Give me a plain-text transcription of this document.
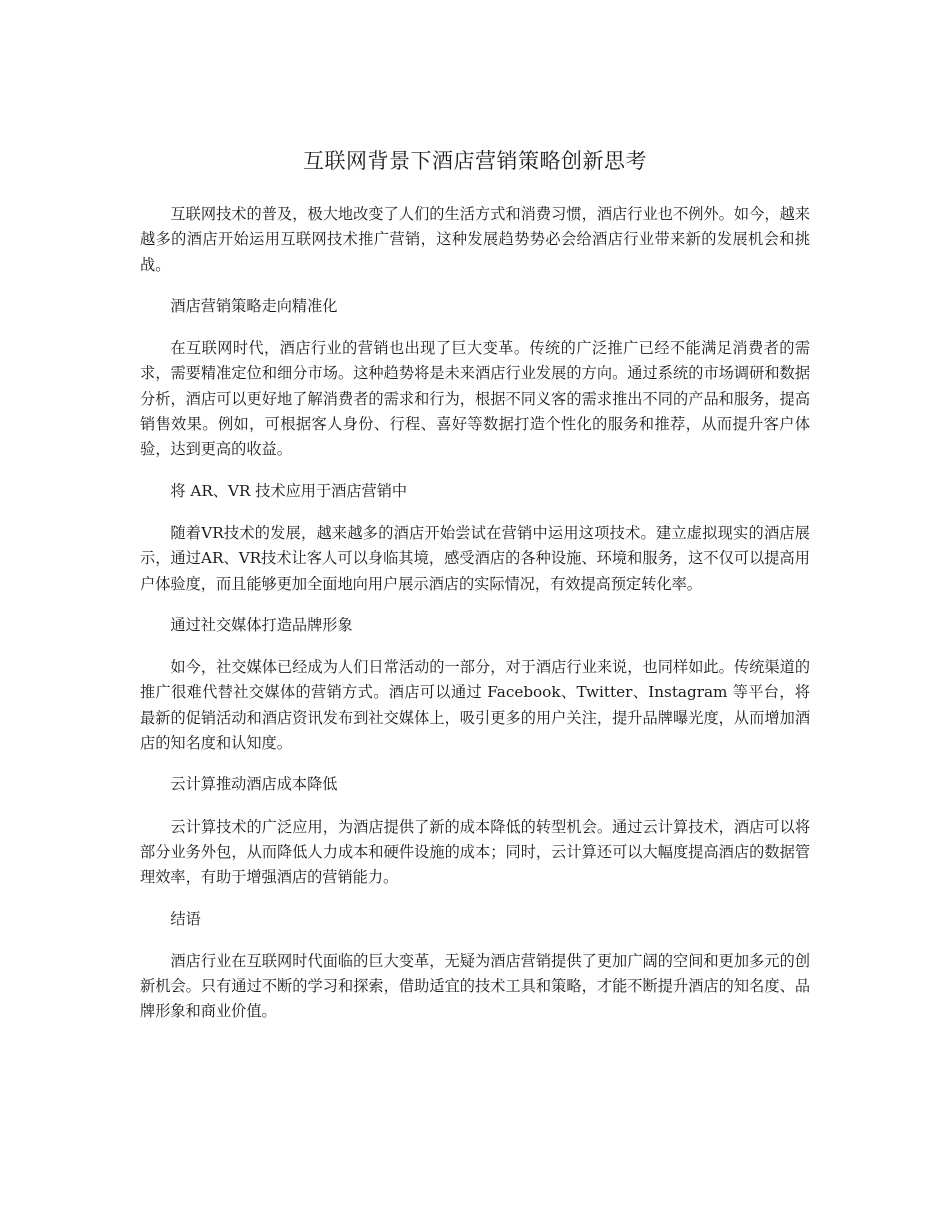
互联网背景下酒店营销策略创新思考

互联网技术的普及，极大地改变了人们的生活方式和消费习惯，酒店行业也不例外。如今，越来越多的酒店开始运用互联网技术推广营销，这种发展趋势势必会给酒店行业带来新的发展机会和挑战。

酒店营销策略走向精准化

在互联网时代，酒店行业的营销也出现了巨大变革。传统的广泛推广已经不能满足消费者的需求，需要精准定位和细分市场。这种趋势将是未来酒店行业发展的方向。通过系统的市场调研和数据分析，酒店可以更好地了解消费者的需求和行为，根据不同义客的需求推出不同的产品和服务，提高销售效果。例如，可根据客人身份、行程、喜好等数据打造个性化的服务和推荐，从而提升客户体验，达到更高的收益。

将 AR、VR 技术应用于酒店营销中

随着VR技术的发展，越来越多的酒店开始尝试在营销中运用这项技术。建立虚拟现实的酒店展示，通过AR、VR技术让客人可以身临其境，感受酒店的各种设施、环境和服务，这不仅可以提高用户体验度，而且能够更加全面地向用户展示酒店的实际情况，有效提高预定转化率。

通过社交媒体打造品牌形象

如今，社交媒体已经成为人们日常活动的一部分，对于酒店行业来说，也同样如此。传统渠道的推广很难代替社交媒体的营销方式。酒店可以通过 Facebook、Twitter、Instagram 等平台，将最新的促销活动和酒店资讯发布到社交媒体上，吸引更多的用户关注，提升品牌曝光度，从而增加酒店的知名度和认知度。

云计算推动酒店成本降低

云计算技术的广泛应用，为酒店提供了新的成本降低的转型机会。通过云计算技术，酒店可以将部分业务外包，从而降低人力成本和硬件设施的成本；同时，云计算还可以大幅度提高酒店的数据管理效率，有助于增强酒店的营销能力。

结语

酒店行业在互联网时代面临的巨大变革，无疑为酒店营销提供了更加广阔的空间和更加多元的创新机会。只有通过不断的学习和探索，借助适宜的技术工具和策略，才能不断提升酒店的知名度、品牌形象和商业价值。
